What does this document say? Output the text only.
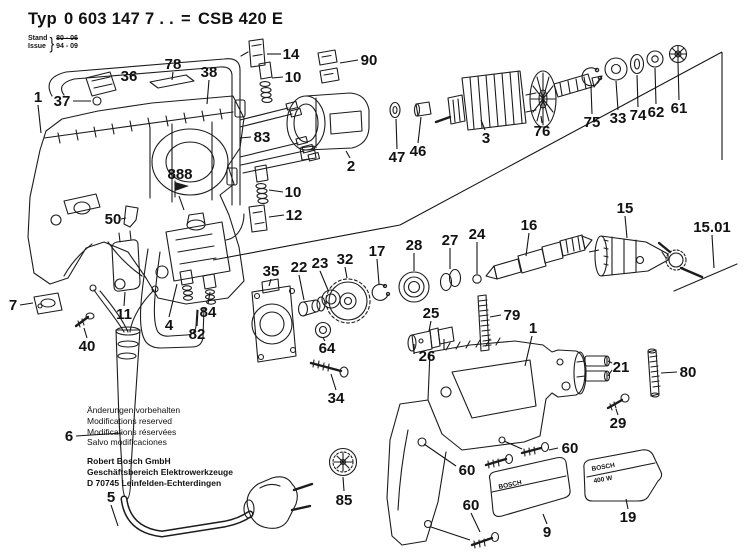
BOSCH
BOSCH
400 W
1 37
36
78 38
14	90
10
83
888	2
47 46
3	76
75 33 74 62 61
10
12
50
15
16	15.01
17 28 27 24
22 23 32
35
25
26
79
1
64
34
7
40
11
4
84
82
6
5	85
60
60
60
29
21	80
9
19
Typ 0 603 147 7 . . = CSB 420 E
Stand
Issue } 80 - 06
94 - 09
Änderungen vorbehalten
Modifications reserved
Modifications réservées
Salvo modificaciones
Robert Bosch GmbH
Geschäftsbereich Elektrowerkzeuge
D 70745 Leinfelden-Echterdingen
